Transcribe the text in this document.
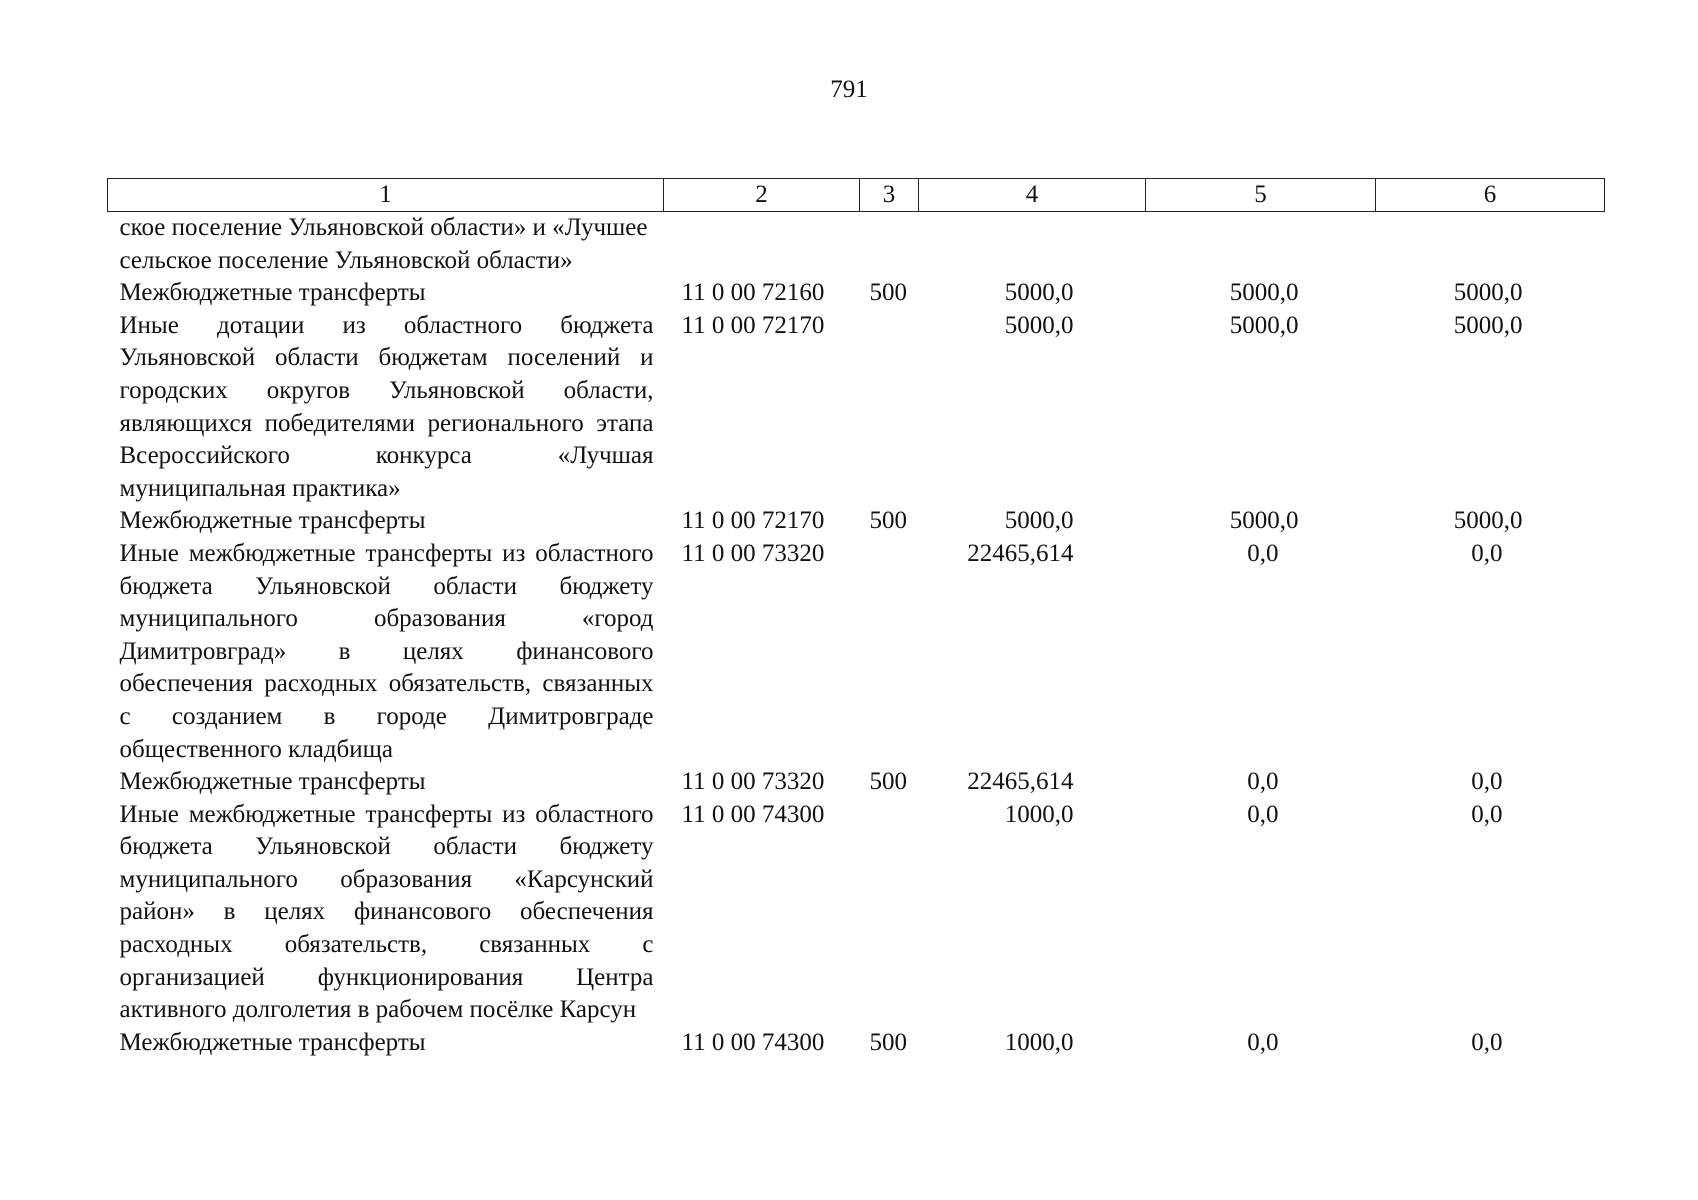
791
1	2	3	4	5	6
ское поселение Ульяновской области» и «Лучшее сельское поселение Ульяновской области»					
Межбюджетные трансферты	11 0 00 72160	500	5000,0	5000,0	5000,0
Иные дотации из областного бюджета Ульяновской области бюджетам поселений и городских округов Ульяновской области, являющихся победителями регионального этапа Всероссийского конкурса «Лучшая муниципальная практика»	11 0 00 72170		5000,0	5000,0	5000,0
Межбюджетные трансферты	11 0 00 72170	500	5000,0	5000,0	5000,0
Иные межбюджетные трансферты из областного бюджета Ульяновской области бюджету муниципального образования «город Димитровград» в целях финансового обеспечения расходных обязательств, связанных с созданием в городе Димитровграде общественного кладбища	11 0 00 73320		22465,614	0,0	0,0
Межбюджетные трансферты	11 0 00 73320	500	22465,614	0,0	0,0
Иные межбюджетные трансферты из областного бюджета Ульяновской области бюджету муниципального образования «Карсунский район» в целях финансового обеспечения расходных обязательств, связанных с организацией функционирования Центра активного долголетия в рабочем посёлке Карсун	11 0 00 74300		1000,0	0,0	0,0
Межбюджетные трансферты	11 0 00 74300	500	1000,0	0,0	0,0
